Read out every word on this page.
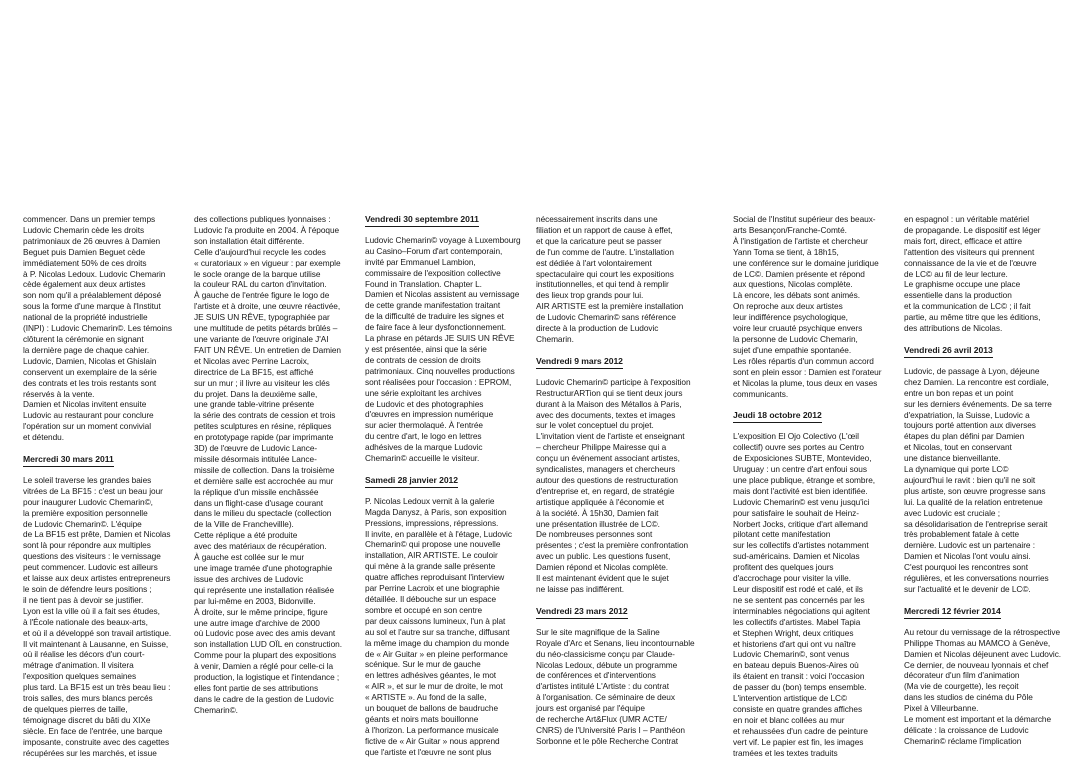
commencer. Dans un premier temps

Ludovic Chemarin cède les droits

patrimoniaux de 26 œuvres à Damien

Beguet puis Damien Beguet cède

immédiatement 50% de ces droits

à P. Nicolas Ledoux. Ludovic Chemarin

cède également aux deux artistes

son nom qu'il a préalablement déposé

sous la forme d'une marque à l'Institut

national de la propriété industrielle

(INPI) : Ludovic Chemarin©. Les témoins

clôturent la cérémonie en signant

la dernière page de chaque cahier.

Ludovic, Damien, Nicolas et Ghislain

conservent un exemplaire de la série

des contrats et les trois restants sont

réservés à la vente.

Damien et Nicolas invitent ensuite

Ludovic au restaurant pour conclure

l'opération sur un moment convivial

et détendu.

Mercredi 30 mars 2011

Le soleil traverse les grandes baies

vitrées de La BF15 : c'est un beau jour

pour inaugurer Ludovic Chemarin©,

la première exposition personnelle

de Ludovic Chemarin©. L'équipe

de La BF15 est prête, Damien et Nicolas

sont là pour répondre aux multiples

questions des visiteurs : le vernissage

peut commencer. Ludovic est ailleurs

et laisse aux deux artistes entrepreneurs

le soin de défendre leurs positions ;

il ne tient pas à devoir se justifier.

Lyon est la ville où il a fait ses études,

à l'École nationale des beaux-arts,

et où il a développé son travail artistique.

Il vit maintenant à Lausanne, en Suisse,

où il réalise les décors d'un court-

métrage d'animation. Il visitera

l'exposition quelques semaines

plus tard. La BF15 est un très beau lieu :

trois salles, des murs blancs percés

de quelques pierres de taille,

témoignage discret du bâti du XIXe

siècle. En face de l'entrée, une barque

imposante, construite avec des cagettes

récupérées sur les marchés, et issue

des collections publiques lyonnaises :

Ludovic l'a produite en 2004. À l'époque

son installation était différente.

Celle d'aujourd'hui recycle les codes

« curatoriaux » en vigueur : par exemple

le socle orange de la barque utilise

la couleur RAL du carton d'invitation.

À gauche de l'entrée figure le logo de

l'artiste et à droite, une œuvre réactivée,

JE SUIS UN RÊVE, typographiée par

une multitude de petits pétards brûlés –

une variante de l'œuvre originale J'AI

FAIT UN RÊVE. Un entretien de Damien

et Nicolas avec Perrine Lacroix,

directrice de La BF15, est affiché

sur un mur ; il livre au visiteur les clés

du projet. Dans la deuxième salle,

une grande table-vitrine présente

la série des contrats de cession et trois

petites sculptures en résine, répliques

en prototypage rapide (par imprimante

3D) de l'œuvre de Ludovic Lance-

missile désormais intitulée Lance-

missile de collection. Dans la troisième

et dernière salle est accrochée au mur

la réplique d'un missile enchâssée

dans un flight-case d'usage courant

dans le milieu du spectacle (collection

de la Ville de Franchevillle).

Cette réplique a été produite

avec des matériaux de récupération.

À gauche est collée sur le mur

une image tramée d'une photographie

issue des archives de Ludovic

qui représente une installation réalisée

par lui-même en 2003, Bidonville.

À droite, sur le même principe, figure

une autre image d'archive de 2000

où Ludovic pose avec des amis devant

son installation LUD OÏL en construction.

Comme pour la plupart des expositions

à venir, Damien a réglé pour celle-ci la

production, la logistique et l'intendance ;

elles font partie de ses attributions

dans le cadre de la gestion de Ludovic

Chemarin©.

Vendredi 30 septembre 2011

Ludovic Chemarin© voyage à Luxembourg

au Casino–Forum d'art contemporain,

invité par Emmanuel Lambion,

commissaire de l'exposition collective

Found in Translation. Chapter L.

Damien et Nicolas assistent au vernissage

de cette grande manifestation traitant

de la difficulté de traduire les signes et

de faire face à leur dysfonctionnement.

La phrase en pétards JE SUIS UN RÊVE

y est présentée, ainsi que la série

de contrats de cession de droits

patrimoniaux. Cinq nouvelles productions

sont réalisées pour l'occasion : EPROM,

une série exploitant les archives

de Ludovic et des photographies

d'œuvres en impression numérique

sur acier thermolaqué. À l'entrée

du centre d'art, le logo en lettres

adhésives de la marque Ludovic

Chemarin© accueille le visiteur.

Samedi 28 janvier 2012

P. Nicolas Ledoux vernit à la galerie

Magda Danysz, à Paris, son exposition

Pressions, impressions, répressions.

Il invite, en parallèle et à l'étage, Ludovic

Chemarin© qui propose une nouvelle

installation, AIR ARTISTE. Le couloir

qui mène à la grande salle présente

quatre affiches reproduisant l'interview

par Perrine Lacroix et une biographie

détaillée. Il débouche sur un espace

sombre et occupé en son centre

par deux caissons lumineux, l'un à plat

au sol et l'autre sur sa tranche, diffusant

la même image du champion du monde

de « Air Guitar » en pleine performance

scénique. Sur le mur de gauche

en lettres adhésives géantes, le mot

« AIR », et sur le mur de droite, le mot

« ARTISTE ». Au fond de la salle,

un bouquet de ballons de baudruche

géants et noirs mats bouillonne

à l'horizon. La performance musicale

fictive de « Air Guitar » nous apprend

que l'artiste et l'œuvre ne sont plus

nécessairement inscrits dans une

filiation et un rapport de cause à effet,

et que la caricature peut se passer

de l'un comme de l'autre. L'installation

est dédiée à l'art volontairement

spectaculaire qui court les expositions

institutionnelles, et qui tend à remplir

des lieux trop grands pour lui.

AIR ARTISTE est la première installation

de Ludovic Chemarin© sans référence

directe à la production de Ludovic

Chemarin.

Vendredi 9 mars 2012

Ludovic Chemarin© participe à l'exposition

RestructurARTion qui se tient deux jours

durant à la Maison des Métallos à Paris,

avec des documents, textes et images

sur le volet conceptuel du projet.

L'invitation vient de l'artiste et enseignant

– chercheur Philippe Mairesse qui a

conçu un événement associant artistes,

syndicalistes, managers et chercheurs

autour des questions de restructuration

d'entreprise et, en regard, de stratégie

artistique appliquée à l'économie et

à la société. À 15h30, Damien fait

une présentation illustrée de LC©.

De nombreuses personnes sont

présentes ; c'est la première confrontation

avec un public. Les questions fusent,

Damien répond et Nicolas complète.

Il est maintenant évident que le sujet

ne laisse pas indifférent.

Vendredi 23 mars 2012

Sur le site magnifique de la Saline

Royale d'Arc et Senans, lieu incontournable

du néo-classicisme conçu par Claude-

Nicolas Ledoux, débute un programme

de conférences et d'interventions

d'artistes intitulé L'Artiste : du contrat

à l'organisation. Ce séminaire de deux

jours est organisé par l'équipe

de recherche Art&Flux (UMR ACTE/

CNRS) de l'Université Paris I – Panthéon

Sorbonne et le pôle Recherche Contrat

Social de l'Institut supérieur des beaux-

arts Besançon/Franche-Comté.

À l'instigation de l'artiste et chercheur

Yann Toma se tient, à 18h15,

une conférence sur le domaine juridique

de LC©. Damien présente et répond

aux questions, Nicolas complète.

Là encore, les débats sont animés.

On reproche aux deux artistes

leur indifférence psychologique,

voire leur cruauté psychique envers

la personne de Ludovic Chemarin,

sujet d'une empathie spontanée.

Les rôles répartis d'un commun accord

sont en plein essor : Damien est l'orateur

et Nicolas la plume, tous deux en vases

communicants.

Jeudi 18 octobre 2012

L'exposition El Ojo Colectivo (L'œil

collectif) ouvre ses portes au Centro

de Exposiciones SUBTE, Montevideo,

Uruguay : un centre d'art enfoui sous

une place publique, étrange et sombre,

mais dont l'activité est bien identifiée.

Ludovic Chemarin© est venu jusqu'ici

pour satisfaire le souhait de Heinz-

Norbert Jocks, critique d'art allemand

pilotant cette manifestation

sur les collectifs d'artistes notamment

sud-américains. Damien et Nicolas

profitent des quelques jours

d'accrochage pour visiter la ville.

Leur dispositif est rodé et calé, et ils

ne se sentent pas concernés par les

interminables négociations qui agitent

les collectifs d'artistes. Mabel Tapia

et Stephen Wright, deux critiques

et historiens d'art qui ont vu naître

Ludovic Chemarin©, sont venus

en bateau depuis Buenos-Aires où

ils étaient en transit : voici l'occasion

de passer du (bon) temps ensemble.

L'intervention artistique de LC©

consiste en quatre grandes affiches

en noir et blanc collées au mur

et rehaussées d'un cadre de peinture

vert vif. Le papier est fin, les images

tramées et les textes traduits

en espagnol : un véritable matériel

de propagande. Le dispositif est léger

mais fort, direct, efficace et attire

l'attention des visiteurs qui prennent

connaissance de la vie et de l'œuvre

de LC© au fil de leur lecture.

Le graphisme occupe une place

essentielle dans la production

et la communication de LC© ; il fait

partie, au même titre que les éditions,

des attributions de Nicolas.

Vendredi 26 avril 2013

Ludovic, de passage à Lyon, déjeune

chez Damien. La rencontre est cordiale,

entre un bon repas et un point

sur les derniers événements. De sa terre

d'expatriation, la Suisse, Ludovic a

toujours porté attention aux diverses

étapes du plan défini par Damien

et Nicolas, tout en conservant

une distance bienveillante.

La dynamique qui porte LC©

aujourd'hui le ravit : bien qu'il ne soit

plus artiste, son œuvre progresse sans

lui. La qualité de la relation entretenue

avec Ludovic est cruciale ;

sa désolidarisation de l'entreprise serait

très probablement fatale à cette

dernière. Ludovic est un partenaire :

Damien et Nicolas l'ont voulu ainsi.

C'est pourquoi les rencontres sont

régulières, et les conversations nourries

sur l'actualité et le devenir de LC©.

Mercredi 12 février 2014

Au retour du vernissage de la rétrospective

Philippe Thomas au MAMCO à Genève,

Damien et Nicolas déjeunent avec Ludovic.

Ce dernier, de nouveau lyonnais et chef

décorateur d'un film d'animation

(Ma vie de courgette), les reçoit

dans les studios de cinéma du Pôle

Pixel à Villeurbanne.

Le moment est important et la démarche

délicate : la croissance de Ludovic

Chemarin© réclame l'implication
